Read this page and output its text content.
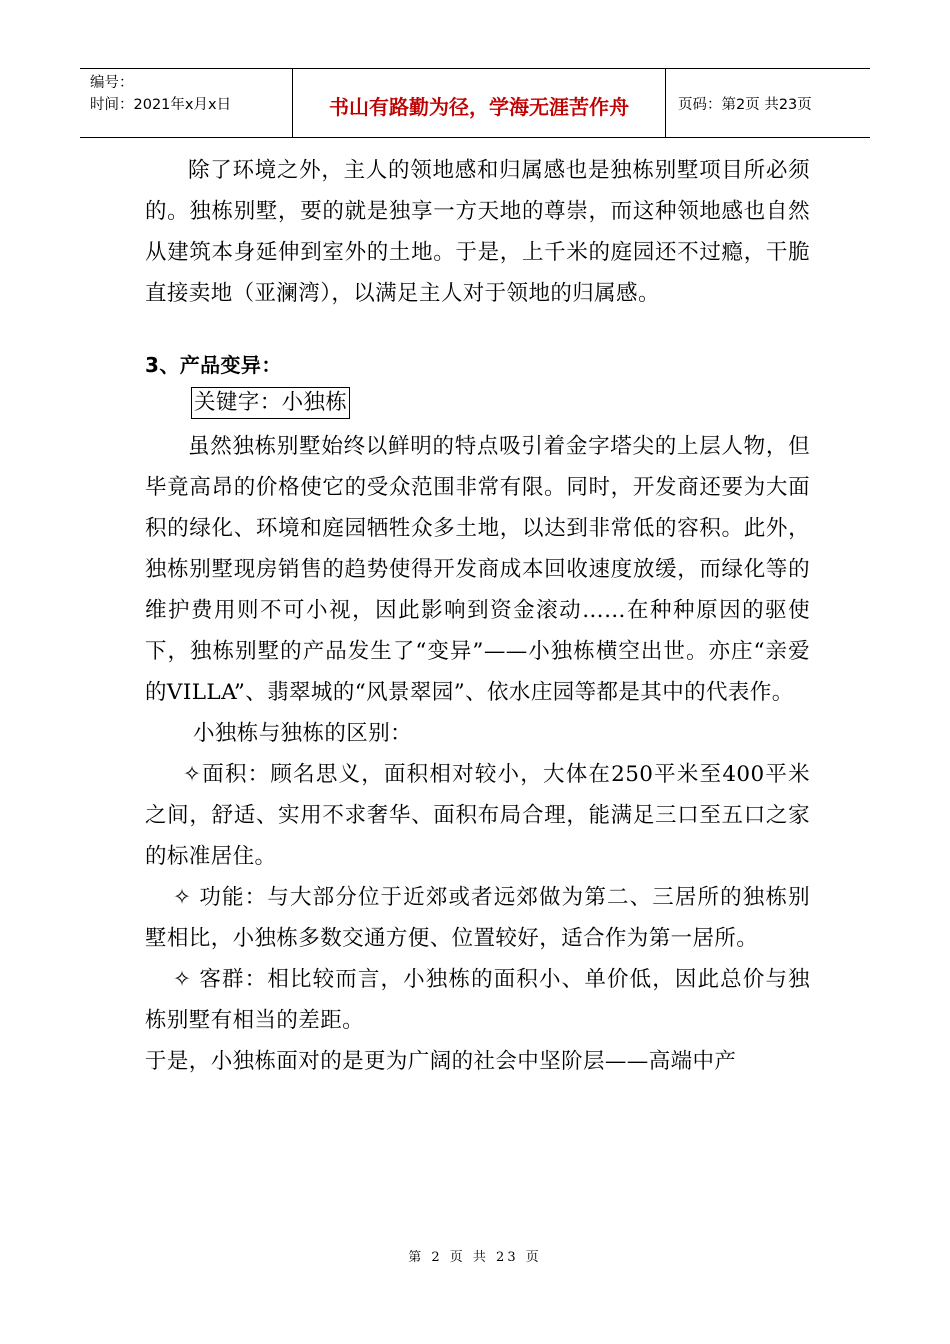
编号：
时间：2021年x月x日	书山有路勤为径，学海无涯苦作舟	页码：第2页 共23页

除了环境之外，主人的领地感和归属感也是独栋别墅项目所必须的。独栋别墅，要的就是独享一方天地的尊崇，而这种领地感也自然从建筑本身延伸到室外的土地。于是，上千米的庭园还不过瘾，干脆直接卖地（亚澜湾），以满足主人对于领地的归属感。

3、产品变异：

关键字：小独栋

虽然独栋别墅始终以鲜明的特点吸引着金字塔尖的上层人物，但毕竟高昂的价格使它的受众范围非常有限。同时，开发商还要为大面积的绿化、环境和庭园牺牲众多土地，以达到非常低的容积。此外，独栋别墅现房销售的趋势使得开发商成本回收速度放缓，而绿化等的维护费用则不可小视，因此影响到资金滚动……在种种原因的驱使下，独栋别墅的产品发生了“变异”——小独栋横空出世。亦庄“亲爱的VILLA”、翡翠城的“风景翠园”、依水庄园等都是其中的代表作。

小独栋与独栋的区别：

✧面积：顾名思义，面积相对较小，大体在250平米至400平米之间，舒适、实用不求奢华、面积布局合理，能满足三口至五口之家的标准居住。

✧ 功能：与大部分位于近郊或者远郊做为第二、三居所的独栋别墅相比，小独栋多数交通方便、位置较好，适合作为第一居所。

✧ 客群：相比较而言，小独栋的面积小、单价低，因此总价与独栋别墅有相当的差距。

于是，小独栋面对的是更为广阔的社会中坚阶层——高端中产

第 2 页 共 23 页
